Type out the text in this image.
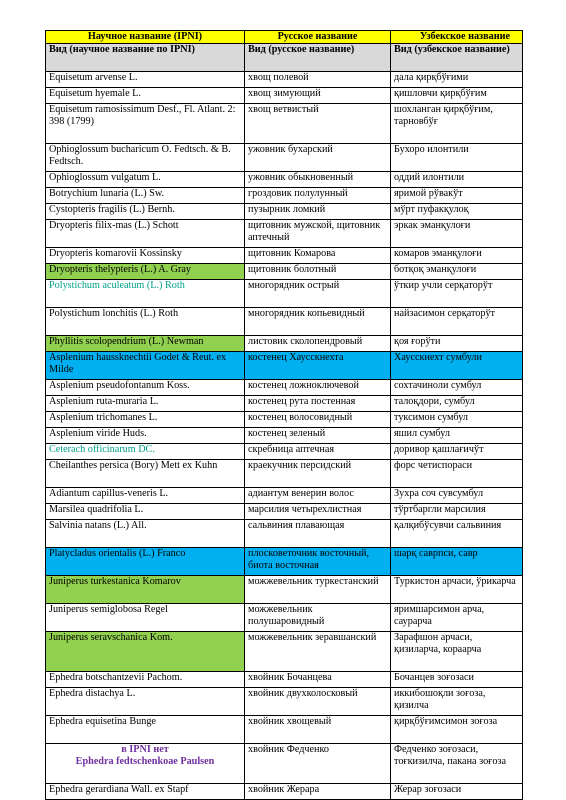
Научное название (IPNI)	Русское название	Узбекское название
Вид (научное название по IPNI)	Вид (русское название)	Вид (узбекское название)
Equisetum arvense L.	хвощ полевой	дала қирқбўғими
Equisetum hyemale L.	хвощ зимующий	қишловчи қирқбўғим
Equisetum ramosissimum Desf., Fl. Atlant. 2: 398 (1799)	хвощ ветвистый	шохланган қирқбўғим, тарновбўғ
Ophioglossum bucharicum O. Fedtsch. & B. Fedtsch.	ужовник бухарский	Бухоро илонтили
Ophioglossum vulgatum L.	ужовник обыкновенный	оддий илонтили
Botrychium lunaria (L.) Sw.	гроздовик полулунный	яримой рўвакўт
Cystopteris fragilis (L.) Bernh.	пузырник ломкий	мўрт пуфакқулоқ
Dryopteris filix-mas (L.) Schott	щитовник мужской, щитовник аптечный	эркак эманқулоғи
Dryopteris komarovii Kossinsky	щитовник Комарова	комаров эманқулоғи
Dryopteris thelypteris (L.) A. Gray	щитовник болотный	ботқоқ эманқулоғи
Polystichum aculeatum (L.) Roth	многорядник острый	ўткир учли серқаторўт
Polystichum lonchitis (L.) Roth	многорядник копьевидный	найзасимон серқаторўт
Phyllitis scolopendrium (L.) Newman	листовик сколопендровый	қоя ғорўти
Asplenium haussknechtii Godet & Reut. ex Milde	костенец Хаусскнехта	Хаусскнехт сумбули
Asplenium pseudofontanum Koss.	костенец ложноключевой	сохтачиноли сумбул
Asplenium ruta-muraria L.	костенец рута постенная	талоқдори, сумбул
Asplenium trichomanes L.	костенец волосовидный	туксимон сумбул
Asplenium viride Huds.	костенец зеленый	яшил сумбул
Ceterach officinarum DC.	скребница аптечная	доривор қашлағичўт
Cheilanthes persica (Bory) Mett ex Kuhn	краекучник персидский	форс четиспораси
Adiantum capillus-veneris L.	адиантум венерин волос	Зухра соч сувсумбул
Marsilea quadrifolia L.	марсилия четырехлистная	тўртбаргли марсилия
Salvinia natans (L.) All.	сальвиния плавающая	қалқибўсувчи сальвиния
Platycladus orientalis (L.) Franco	плосковеточник восточный, биота восточная	шарқ саврпси, савр
Juniperus turkestanica Komarov	можжевельник туркестанский	Туркистон арчаси, ўрикарча
Juniperus semiglobosa Regel	можжевельник полушаровидный	яримшарсимон арча, саурарча
Juniperus seravschanica Kom.	можжевельник зеравшанский	Зарафшон арчаси, қизиларча, кораарча
Ephedra botschantzevii Pachom.	хвойник Бочанцева	Бочанцев зоғозаси
Ephedra distachya L.	хвойник двухколосковый	иккибошоқли зоғоза, қизилча
Ephedra equisetina Bunge	хвойник хвощевый	қирқбўғимсимон зоғоза

в IPNI нет
Ephedra fedtschenkoae Paulsen	хвойник Федченко	Федченко зоғозаси, тоғкизилча, пакана зоғоза
Ephedra gerardiana Wall. ex Stapf	хвойник Жерара	Жерар зоғозаси
